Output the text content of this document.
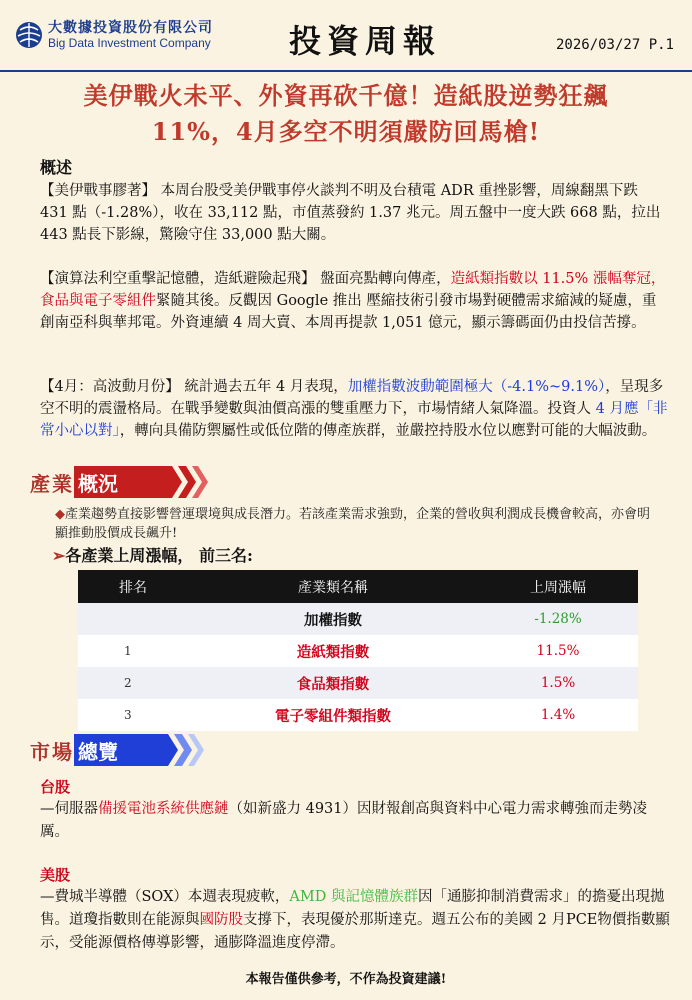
大數據投資股份有限公司
Big Data Investment Company 投資周報	2026/03/27 P.1
美伊戰火未平、外資再砍千億！造紙股逆勢狂飆
11%，4月多空不明須嚴防回馬槍!
概述
【美伊戰事膠著】 本周台股受美伊戰事停火談判不明及台積電 ADR 重挫影響，周線翻黑下跌 431 點（-1.28%），收在 33,112 點，市值蒸發約 1.37 兆元。周五盤中一度大跌 668 點，拉出 443 點長下影線，驚險守住 33,000 點大關。
【演算法利空重擊記憶體，造紙避險起飛】 盤面亮點轉向傳產，造紙類指數以 11.5% 漲幅奪冠，食品與電子零組件緊隨其後。反觀因 Google 推出 壓縮技術引發市場對硬體需求縮減的疑慮，重創南亞科與華邦電。外資連續 4 周大賣、本周再提款 1,051 億元，顯示籌碼面仍由投信苦撐。
【4月：高波動月份】 統計過去五年 4 月表現，加權指數波動範圍極大（-4.1%~9.1%），呈現多空不明的震盪格局。在戰爭變數與油價高漲的雙重壓力下，市場情緒人氣降溫。投資人 4 月應「非常小心以對」，轉向具備防禦屬性或低位階的傳產族群，並嚴控持股水位以應對可能的大幅波動。
產業 概況
◆產業趨勢直接影響營運環境與成長潛力。若該產業需求強勁，企業的營收與利潤成長機會較高，亦會明顯推動股價成長飆升!
➢各產業上周漲幅， 前三名:
排名	產業類名稱	上周漲幅
	加權指數	-1.28%
1	造紙類指數	11.5%
2	食品類指數	1.5%
3	電子零組件類指數	1.4%
市場 總覽
台股
—伺服器備援電池系統供應鏈（如新盛力 4931）因財報創高與資料中心電力需求轉強而走勢凌厲。
美股
—費城半導體（SOX）本週表現疲軟，AMD 與記憶體族群因「通膨抑制消費需求」的擔憂出現拋售。道瓊指數則在能源與國防股支撐下，表現優於那斯達克。週五公布的美國 2 月PCE物價指數顯示，受能源價格傳導影響，通膨降溫進度停滯。
本報告僅供參考，不作為投資建議!
